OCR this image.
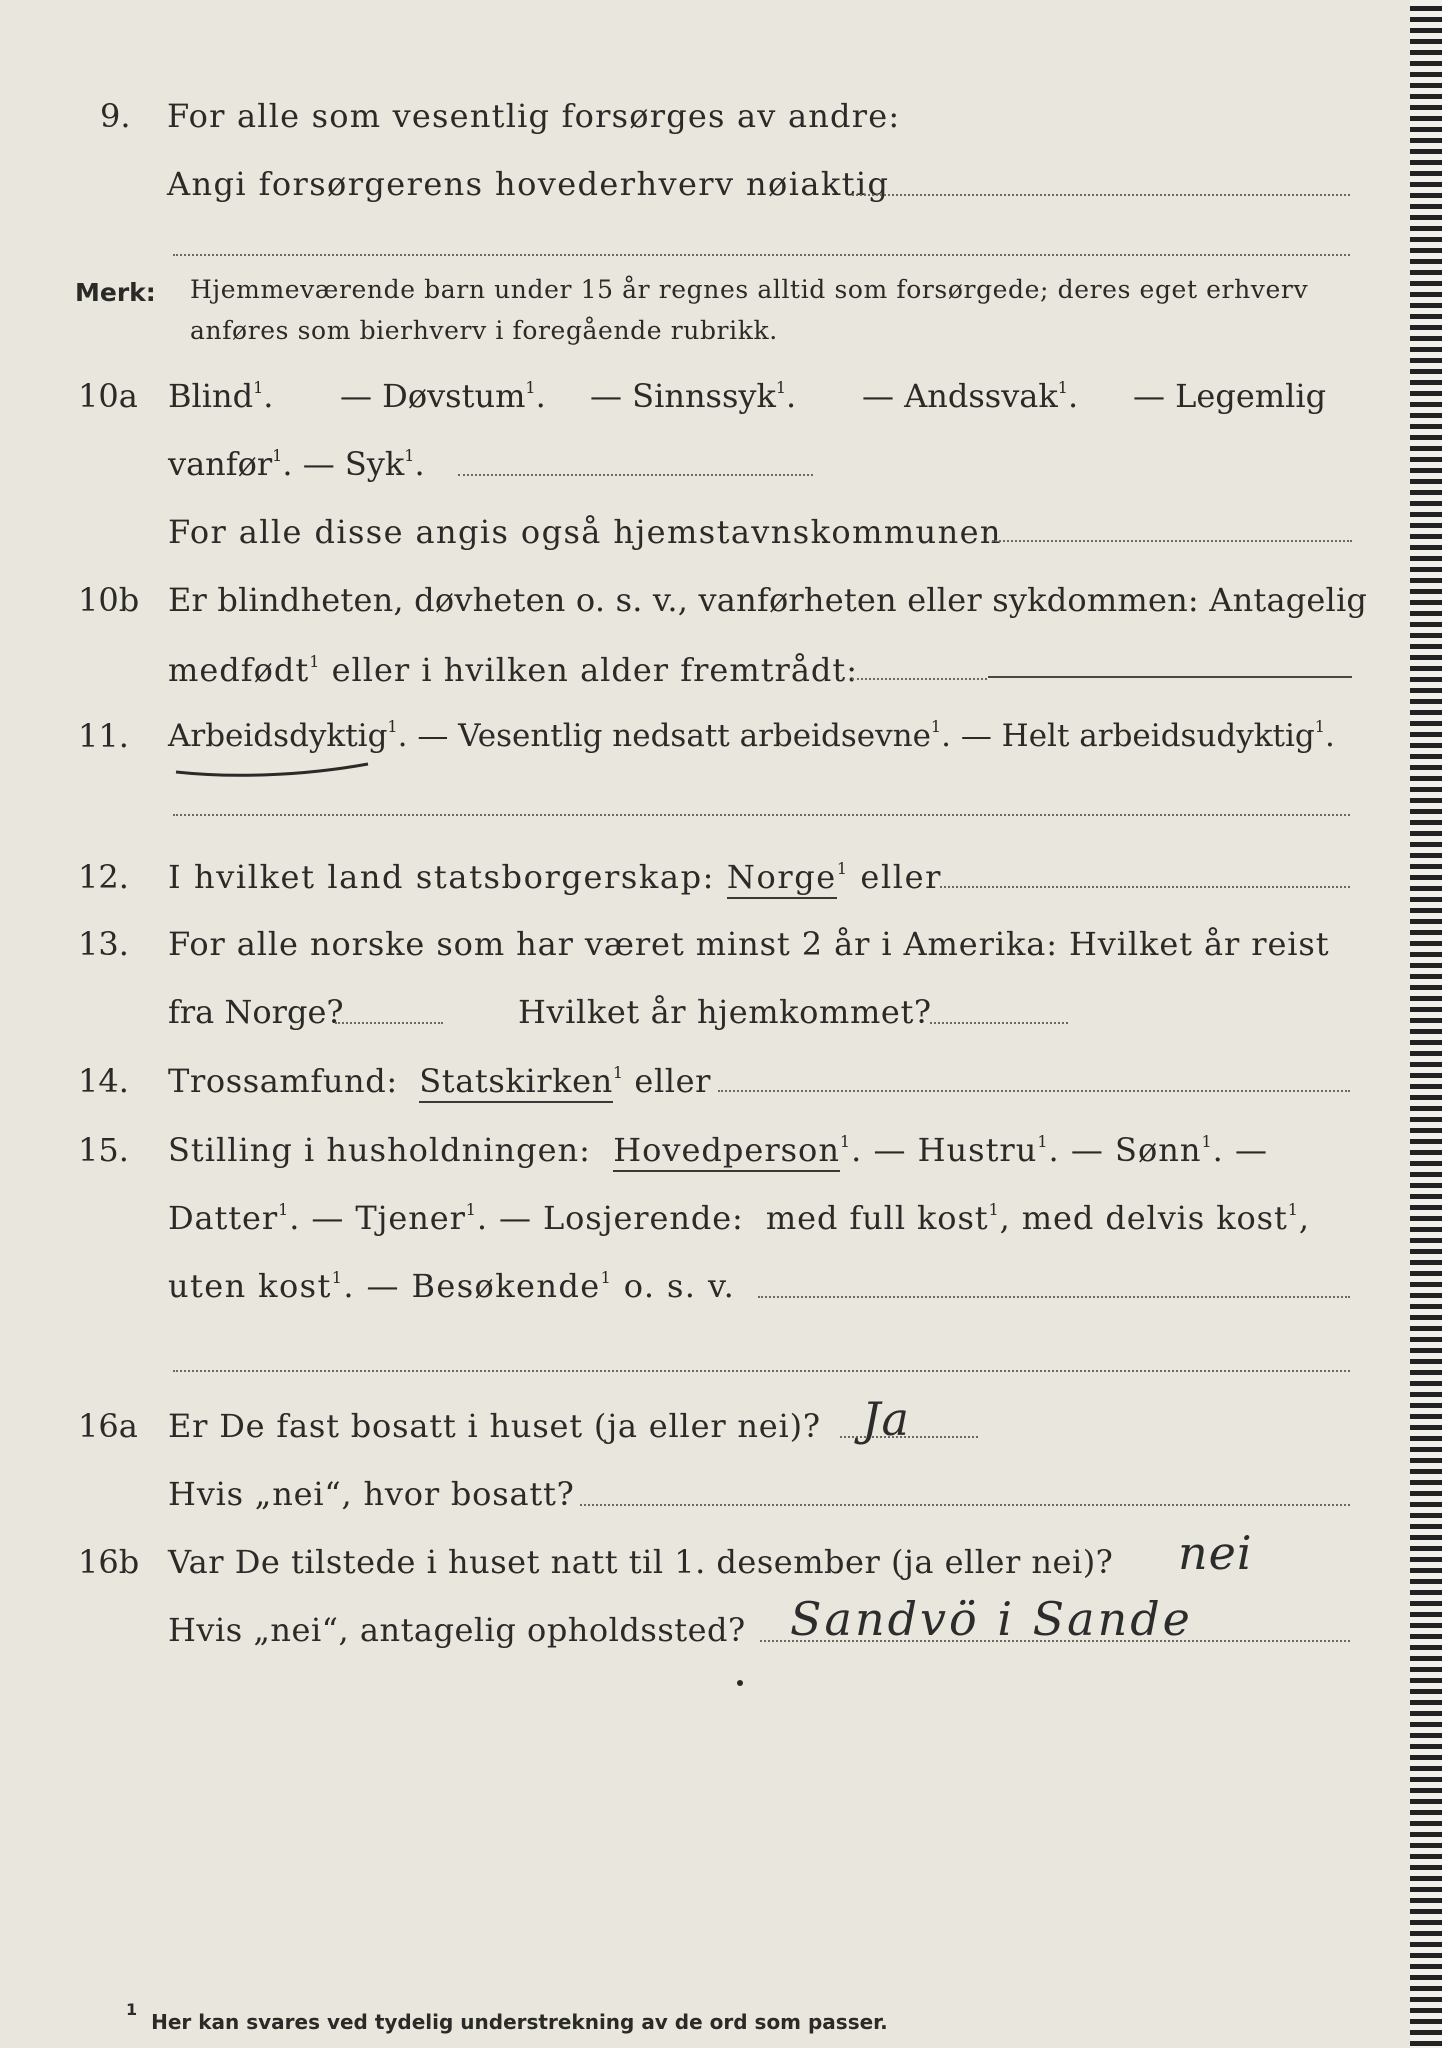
9. For alle som vesentlig forsørges av andre:
Angi forsørgerens hovederhverv nøiaktig
Merk: Hjemmeværende barn under 15 år regnes alltid som forsørgede; deres eget erhverv
anføres som bierhverv i foregående rubrikk.
10a Blind$^1$. — Døvstum$^1$. — Sinnssyk$^1$. — Andssvak$^1$. — Legemlig
vanfør$^1$. — Syk$^1$.
For alle disse angis også hjemstavnskommunen
10b Er blindheten, døvheten o. s. v., vanførheten eller sykdommen: Antagelig
medfødt$^1$ eller i hvilken alder fremtrådt:
11. Arbeidsdyktig$^1$. — Vesentlig nedsatt arbeidsevne$^1$. — Helt arbeidsudyktig$^1$.
12. I hvilket land statsborgerskap: Norge$^1$ eller
13. For alle norske som har været minst 2 år i Amerika: Hvilket år reist
fra Norge?	Hvilket år hjemkommet?
14. Trossamfund: Statskirken$^1$ eller
15. Stilling i husholdningen: Hovedperson$^1$. — Hustru$^1$. — Sønn$^1$. —
Datter$^1$. — Tjener$^1$. — Losjerende: med full kost$^1$, med delvis kost$^1$,
uten kost$^1$. — Besøkende$^1$ o. s. v.
16a Er De fast bosatt i huset (ja eller nei)? Ja
Hvis „nei“, hvor bosatt?
16b Var De tilstede i huset natt til 1. desember (ja eller nei)? nei
Hvis „nei“, antagelig opholdssted? Sandvö i Sande
$^1$  Her kan svares ved tydelig understrekning av de ord som passer.
